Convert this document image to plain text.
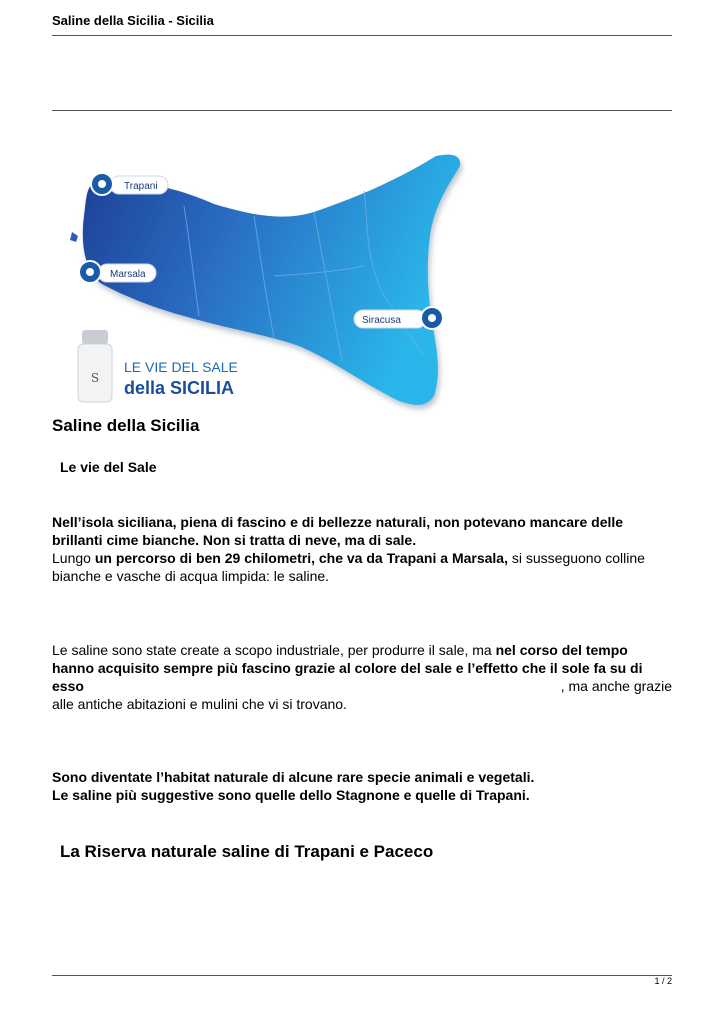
Saline della Sicilia - Sicilia
Trapani
Marsala
Siracusa
S
LE VIE DEL SALE
della SICILIA
Saline della Sicilia
Le vie del Sale
Nell’isola siciliana, piena di fascino e di bellezze naturali, non potevano mancare delle brillanti cime bianche. Non si tratta di neve, ma di sale.
Lungo un percorso di ben 29 chilometri, che va da Trapani a Marsala, si susseguono colline bianche e vasche di acqua limpida: le saline.
Le saline sono state create a scopo industriale, per produrre il sale, ma nel corso del tempo hanno acquisito sempre più fascino grazie al colore del sale e l’effetto che il sole fa su di esso	, ma anche grazie
alle antiche abitazioni e mulini che vi si trovano.
Sono diventate l’habitat naturale di alcune rare specie animali e vegetali.
Le saline più suggestive sono quelle dello Stagnone e quelle di Trapani.
La Riserva naturale saline di Trapani e Paceco
1 / 2
